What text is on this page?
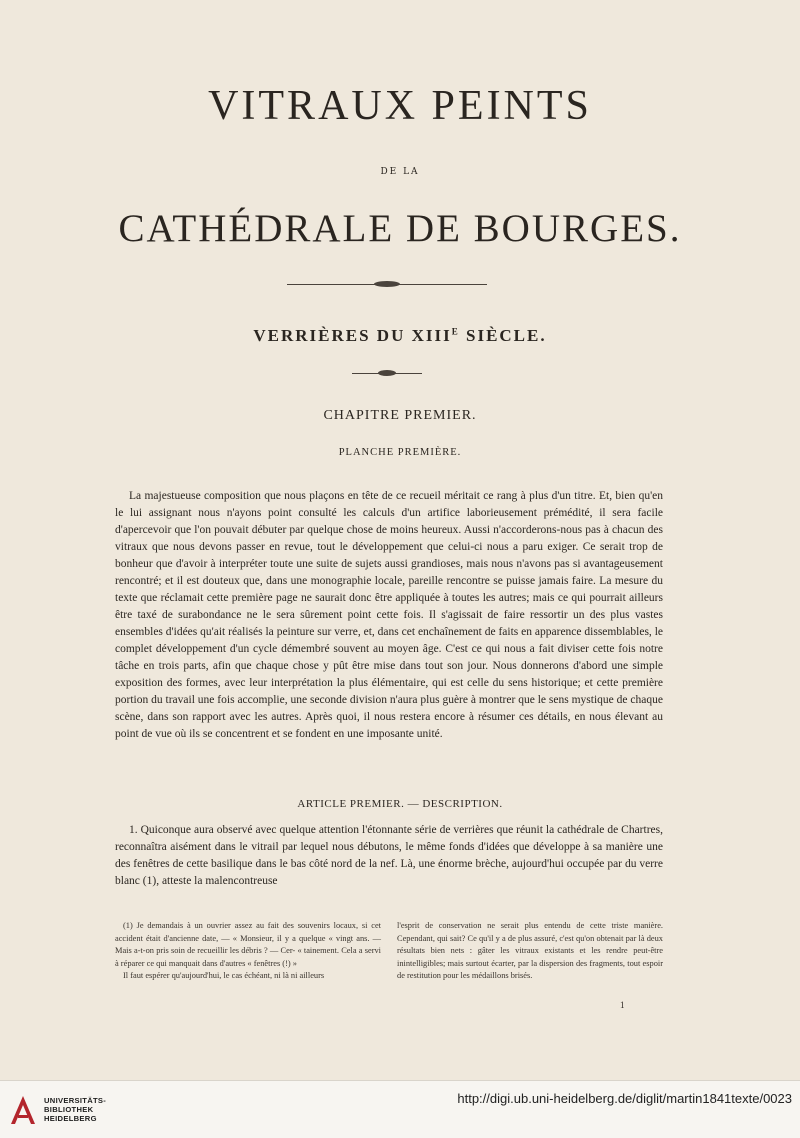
VITRAUX PEINTS
DE LA
CATHÉDRALE DE BOURGES.
VERRIÈRES DU $XIII^E$ SIÈCLE.
CHAPITRE PREMIER.
PLANCHE PREMIÈRE.

La majestueuse composition que nous plaçons en tête de ce recueil méritait ce rang à plus d'un titre. Et, bien qu'en le lui assignant nous n'ayons point consulté les calculs d'un artifice laborieusement prémédité, il sera facile d'apercevoir que l'on pouvait débuter par quelque chose de moins heureux. Aussi n'accorderons-nous pas à chacun des vitraux que nous devons passer en revue, tout le développement que celui-ci nous a paru exiger. Ce serait trop de bonheur que d'avoir à interpréter toute une suite de sujets aussi grandioses, mais nous n'avons pas si avantageusement rencontré; et il est douteux que, dans une monographie locale, pareille rencontre se puisse jamais faire. La mesure du texte que réclamait cette première page ne saurait donc être appliquée à toutes les autres; mais ce qui pourrait ailleurs être taxé de surabondance ne le sera sûrement point cette fois. Il s'agissait de faire ressortir un des plus vastes ensembles d'idées qu'ait réalisés la peinture sur verre, et, dans cet enchaînement de faits en apparence dissemblables, le complet développement d'un cycle démembré souvent au moyen âge. C'est ce qui nous a fait diviser cette fois notre tâche en trois parts, afin que chaque chose y pût être mise dans tout son jour. Nous donnerons d'abord une simple exposition des formes, avec leur interprétation la plus élémentaire, qui est celle du sens historique; et cette première portion du travail une fois accomplie, une seconde division n'aura plus guère à montrer que le sens mystique de chaque scène, dans son rapport avec les autres. Après quoi, il nous restera encore à résumer ces détails, en nous élevant au point de vue où ils se concentrent et se fondent en une imposante unité.

ARTICLE PREMIER. — DESCRIPTION.

1. Quiconque aura observé avec quelque attention l'étonnante série de verrières que réunit la cathédrale de Chartres, reconnaîtra aisément dans le vitrail par lequel nous débutons, le même fonds d'idées que développe à sa manière une des fenêtres de cette basilique dans le bas côté nord de la nef. Là, une énorme brèche, aujourd'hui occupée par du verre blanc (1), atteste la malencontreuse

(1) Je demandais à un ouvrier assez au fait des souvenirs locaux, si cet accident était d'ancienne date, — « Monsieur, il y a quelque « vingt ans. — Mais a-t-on pris soin de recueillir les débris ? — Cer- « tainement. Cela a servi à réparer ce qui manquait dans d'autres « fenêtres (!) »

Il faut espérer qu'aujourd'hui, le cas échéant, ni là ni ailleurs

l'esprit de conservation ne serait plus entendu de cette triste manière. Cependant, qui sait? Ce qu'il y a de plus assuré, c'est qu'on obtenait par là deux résultats bien nets : gâter les vitraux existants et les rendre peut-être inintelligibles; mais surtout écarter, par la dispersion des fragments, tout espoir de restitution pour les médaillons brisés.

1
UNIVERSITÄTS-
BIBLIOTHEK
HEIDELBERG
http://digi.ub.uni-heidelberg.de/diglit/martin1841texte/0023
